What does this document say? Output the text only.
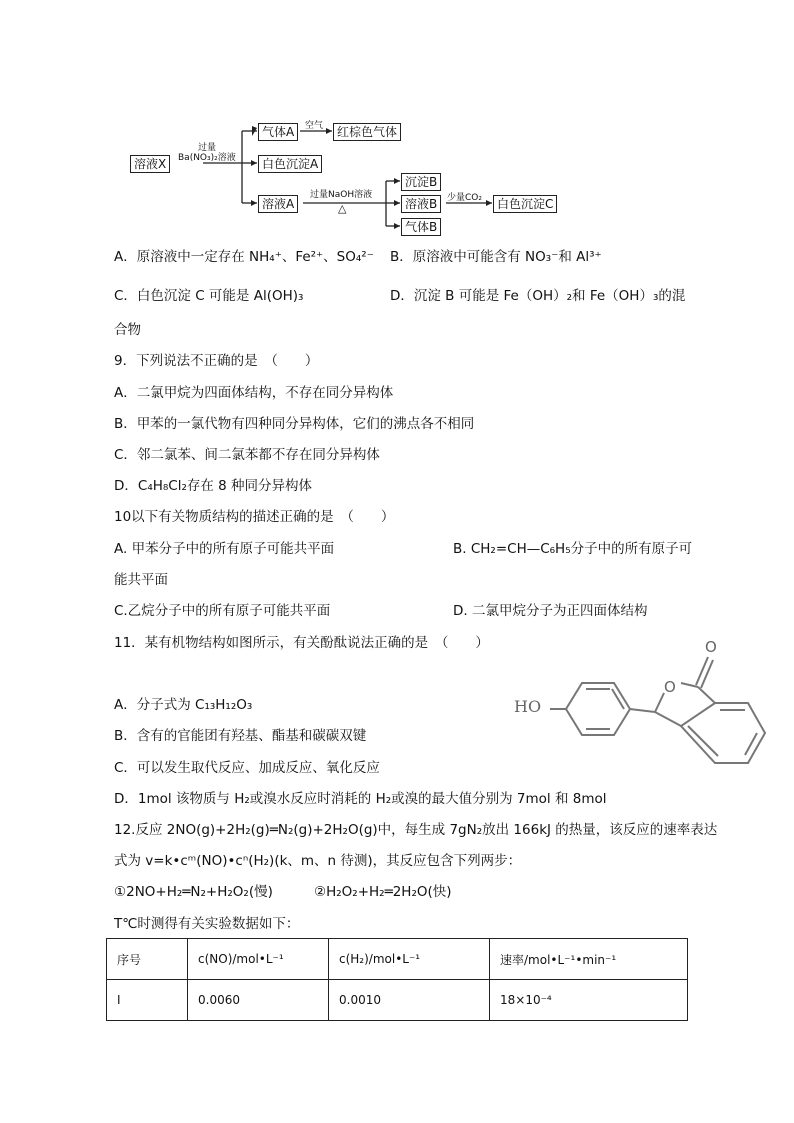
溶液X
过量
Ba(NO₃)₂溶液
气体A	空气	红棕色气体
白色沉淀A
溶液A
过量NaOH溶液
△
沉淀B
溶液B
气体B
少量CO₂	白色沉淀C
A．原溶液中一定存在 NH₄⁺、Fe²⁺、SO₄²⁻ B．原溶液中可能含有 NO₃⁻和 Al³⁺
C．白色沉淀 C 可能是 Al(OH)₃	D．沉淀 B 可能是 Fe（OH）₂和 Fe（OH）₃的混
合物
9．下列说法不正确的是　（　　）
A．二氯甲烷为四面体结构，不存在同分异构体
B．甲苯的一氯代物有四种同分异构体，它们的沸点各不相同
C．邻二氯苯、间二氯苯都不存在同分异构体
D．C₄H₈Cl₂存在 8 种同分异构体
10以下有关物质结构的描述正确的是　（　　）
A. 甲苯分子中的所有原子可能共平面	B. CH₂=CH—C₆H₅分子中的所有原子可
能共平面
C.乙烷分子中的所有原子可能共平面	D. 二氯甲烷分子为正四面体结构
11．某有机物结构如图所示，有关酚酞说法正确的是　（　　）
HO
O
O
A．分子式为 C₁₃H₁₂O₃
B．含有的官能团有羟基、酯基和碳碳双键
C．可以发生取代反应、加成反应、氧化反应
D．1mol 该物质与 H₂或溴水反应时消耗的 H₂或溴的最大值分别为 7mol 和 8mol
12.反应 2NO(g)+2H₂(g)═N₂(g)+2H₂O(g)中，每生成 7gN₂放出 166kJ 的热量，该反应的速率表达
式为 v=k•cᵐ(NO)•cⁿ(H₂)(k、m、n 待测)，其反应包含下列两步：
①2NO+H₂═N₂+H₂O₂(慢)	②H₂O₂+H₂═2H₂O(快)
T℃时测得有关实验数据如下：
序号	c(NO)/mol•L⁻¹	c(H₂)/mol•L⁻¹	速率/mol•L⁻¹•min⁻¹
I	0.0060	0.0010	18×10⁻⁴
